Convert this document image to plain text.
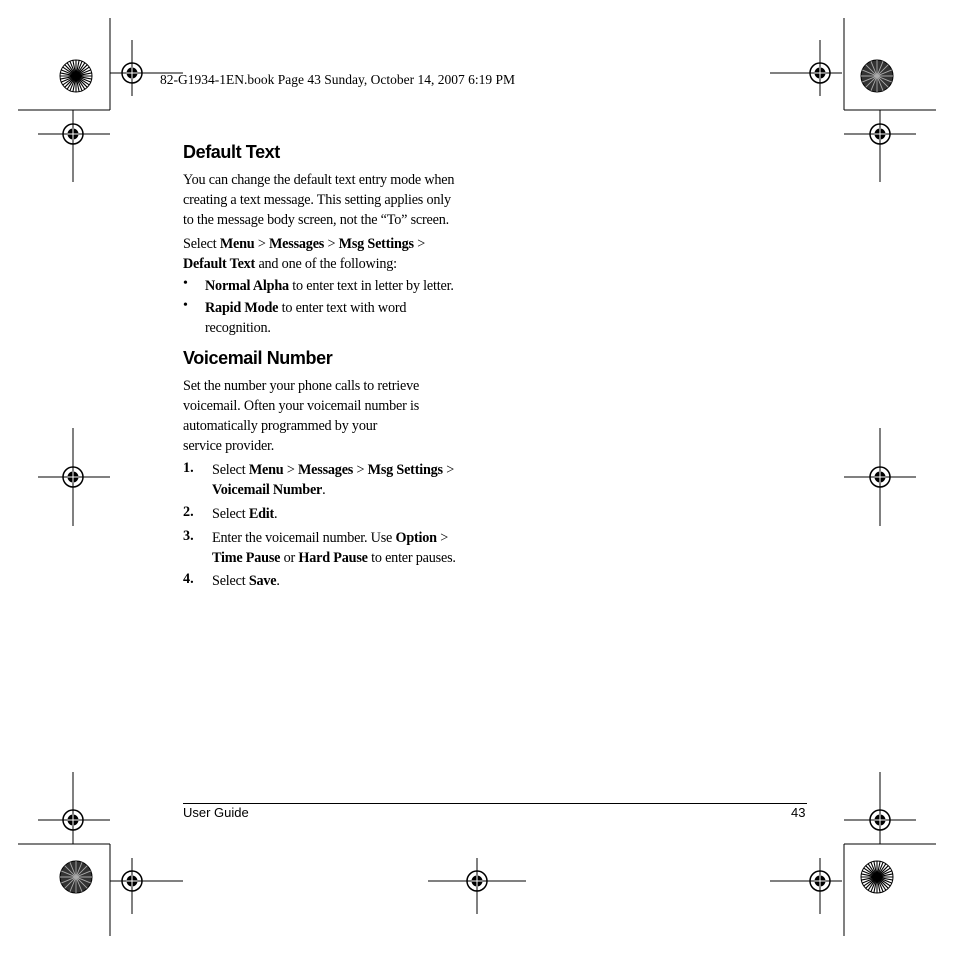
82-G1934-1EN.book Page 43 Sunday, October 14, 2007 6:19 PM
Default Text
You can change the default text entry mode when
creating a text message. This setting applies only
to the message body screen, not the “To” screen.
Select Menu > Messages > Msg Settings >
Default Text and one of the following:
• Normal Alpha to enter text in letter by letter.
• Rapid Mode to enter text with word
recognition.
Voicemail Number
Set the number your phone calls to retrieve
voicemail. Often your voicemail number is
automatically programmed by your
service provider.
1. Select Menu > Messages > Msg Settings >
Voicemail Number.
2. Select Edit.
3. Enter the voicemail number. Use Option >
Time Pause or Hard Pause to enter pauses.
4. Select Save.
User Guide	43
